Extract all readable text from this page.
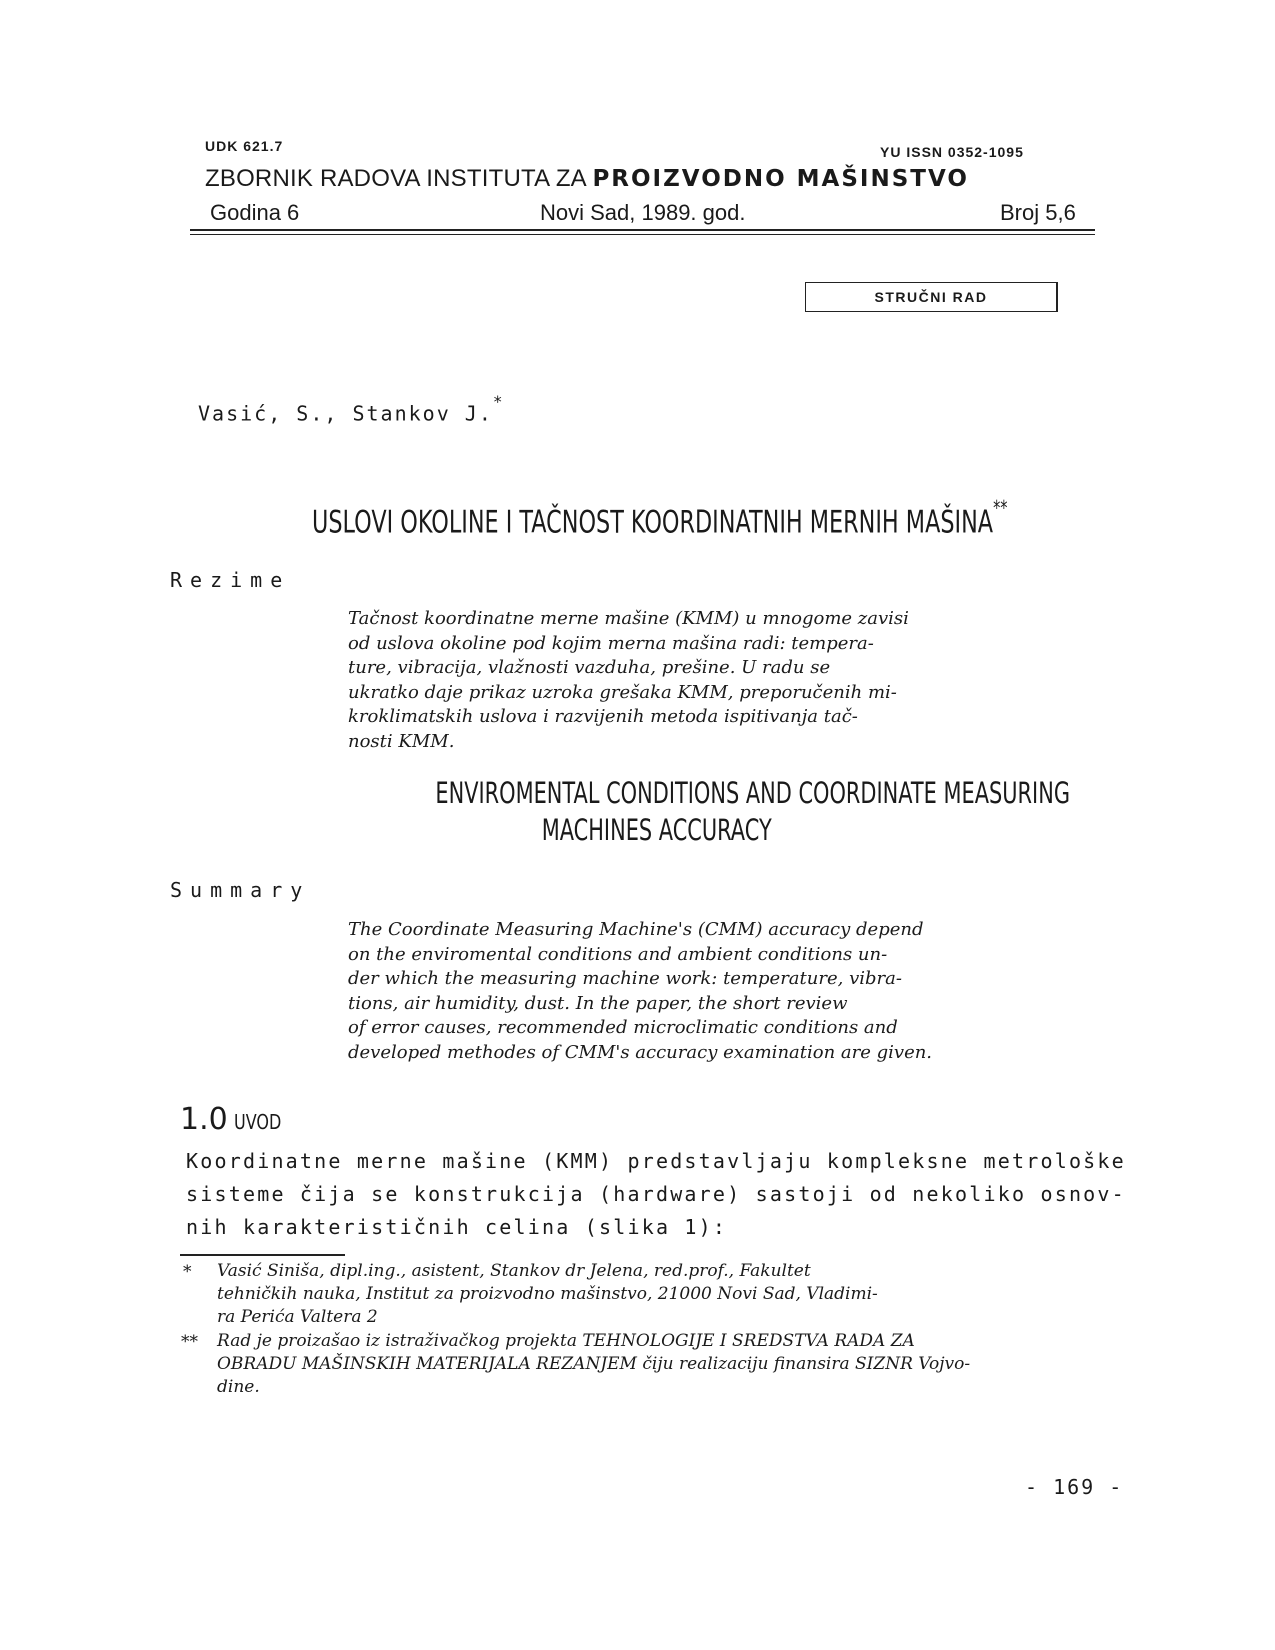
UDK 621.7	YU ISSN 0352-1095
ZBORNIK RADOVA INSTITUTA ZA PROIZVODNO MAŠINSTVO
Godina 6	Novi Sad, 1989. god.	Broj 5,6
STRUČNI RAD
Vasić, S., Stankov J.*
USLOVI OKOLINE I TAČNOST KOORDINATNIH MERNIH MAŠINA**
Rezime
Tačnost koordinatne merne mašine (KMM) u mnogome zavisi
od uslova okoline pod kojim merna mašina radi: tempera-
ture, vibracija, vlažnosti vazduha, prešine. U radu se
ukratko daje prikaz uzroka grešaka KMM, preporučenih mi-
kroklimatskih uslova i razvijenih metoda ispitivanja tač-
nosti KMM.
ENVIROMENTAL CONDITIONS AND COORDINATE MEASURING
MACHINES ACCURACY
Summary
The Coordinate Measuring Machine's (CMM) accuracy depend
on the enviromental conditions and ambient conditions un-
der which the measuring machine work: temperature, vibra-
tions, air humidity, dust. In the paper, the short review
of error causes, recommended microclimatic conditions and
developed methodes of CMM's accuracy examination are given.
1.0 UVOD
Koordinatne merne mašine (KMM) predstavljaju kompleksne metrološke
sisteme čija se konstrukcija (hardware) sastoji od nekoliko osnov-
nih karakterističnih celina (slika 1):
* Vasić Siniša, dipl.ing., asistent, Stankov dr Jelena, red.prof., Fakultet
tehničkih nauka, Institut za proizvodno mašinstvo, 21000 Novi Sad, Vladimi-
ra Perića Valtera 2
** Rad je proizašao iz istraživačkog projekta TEHNOLOGIJE I SREDSTVA RADA ZA
OBRADU MAŠINSKIH MATERIJALA REZANJEM čiju realizaciju finansira SIZNR Vojvo-
dine.
- 169 -
